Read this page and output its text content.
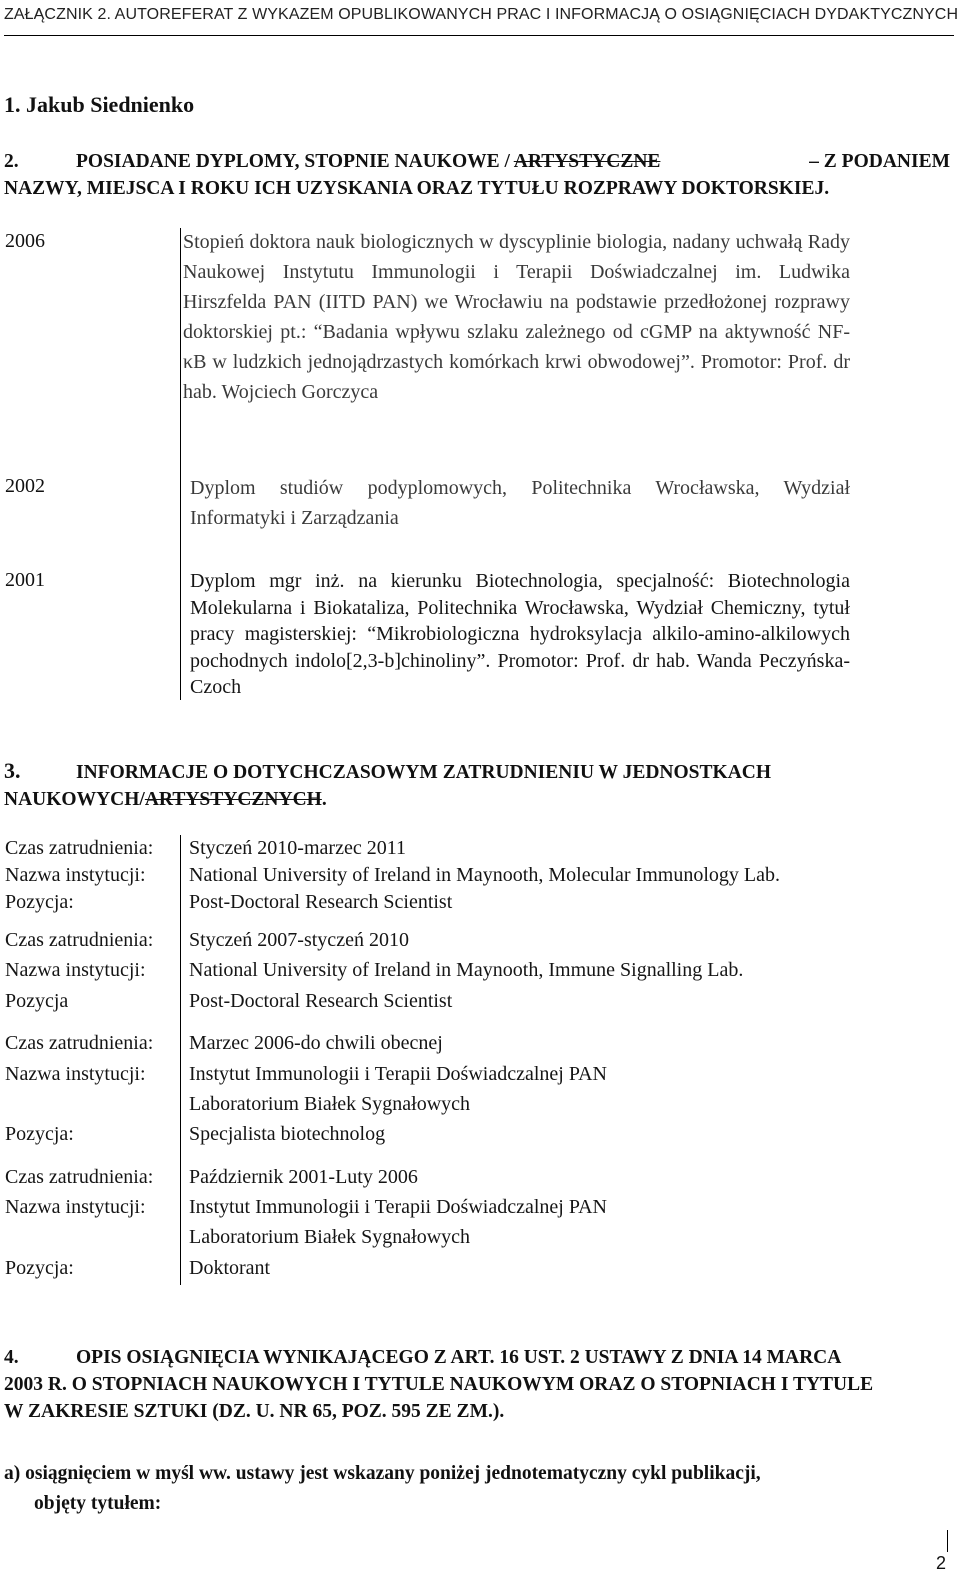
ZAŁĄCZNIK 2. AUTOREFERAT Z WYKAZEM OPUBLIKOWANYCH PRAC I INFORMACJĄ O OSIĄGNIĘCIACH DYDAKTYCZNYCH
1. Jakub Siednienko
2.	POSIADANE DYPLOMY, STOPNIE NAUKOWE / ARTYSTYCZNE	– Z PODANIEM
NAZWY, MIEJSCA I ROKU ICH UZYSKANIA ORAZ TYTUŁU ROZPRAWY DOKTORSKIEJ.
2006	Stopień doktora nauk biologicznych w dyscyplinie biologia, nadany uchwałą Rady Naukowej Instytutu Immunologii i Terapii Doświadczalnej im. Ludwika Hirszfelda PAN (IITD PAN) we Wrocławiu na podstawie przedłożonej rozprawy doktorskiej pt.: “Badania wpływu szlaku zależnego od cGMP na aktywność NF-κB w ludzkich jednojądrzastych komórkach krwi obwodowej”. Promotor: Prof. dr hab. Wojciech Gorczyca
2002	Dyplom studiów podyplomowych, Politechnika Wrocławska, Wydział Informatyki i Zarządzania
2001	Dyplom mgr inż. na kierunku Biotechnologia, specjalność: Biotechnologia Molekularna i Biokataliza, Politechnika Wrocławska, Wydział Chemiczny, tytuł pracy magisterskiej: “Mikrobiologiczna hydroksylacja alkilo-amino-alkilowych pochodnych indolo[2,3-b]chinoliny”. Promotor: Prof. dr hab. Wanda Peczyńska-Czoch
3.	INFORMACJE O DOTYCHCZASOWYM ZATRUDNIENIU W JEDNOSTKACH
NAUKOWYCH/ARTYSTYCZNYCH.
Czas zatrudnienia: Styczeń 2010-marzec 2011
Nazwa instytucji: National University of Ireland in Maynooth, Molecular Immunology Lab.
Pozycja:	Post-Doctoral Research Scientist
Czas zatrudnienia: Styczeń 2007-styczeń 2010
Nazwa instytucji: National University of Ireland in Maynooth, Immune Signalling Lab.
Pozycja	Post-Doctoral Research Scientist
Czas zatrudnienia: Marzec 2006-do chwili obecnej
Nazwa instytucji: Instytut Immunologii i Terapii Doświadczalnej PAN
Laboratorium Białek Sygnałowych
Pozycja:	Specjalista biotechnolog
Czas zatrudnienia: Październik 2001-Luty 2006
Nazwa instytucji: Instytut Immunologii i Terapii Doświadczalnej PAN
Laboratorium Białek Sygnałowych
Pozycja:	Doktorant
4.	OPIS OSIĄGNIĘCIA WYNIKAJĄCEGO Z ART. 16 UST. 2 USTAWY Z DNIA 14 MARCA
2003 R. O STOPNIACH NAUKOWYCH I TYTULE NAUKOWYM ORAZ O STOPNIACH I TYTULE
W ZAKRESIE SZTUKI (DZ. U. NR 65, POZ. 595 ZE ZM.).
a) osiągnięciem w myśl ww. ustawy jest wskazany poniżej jednotematyczny cykl publikacji,
objęty tytułem:
2
